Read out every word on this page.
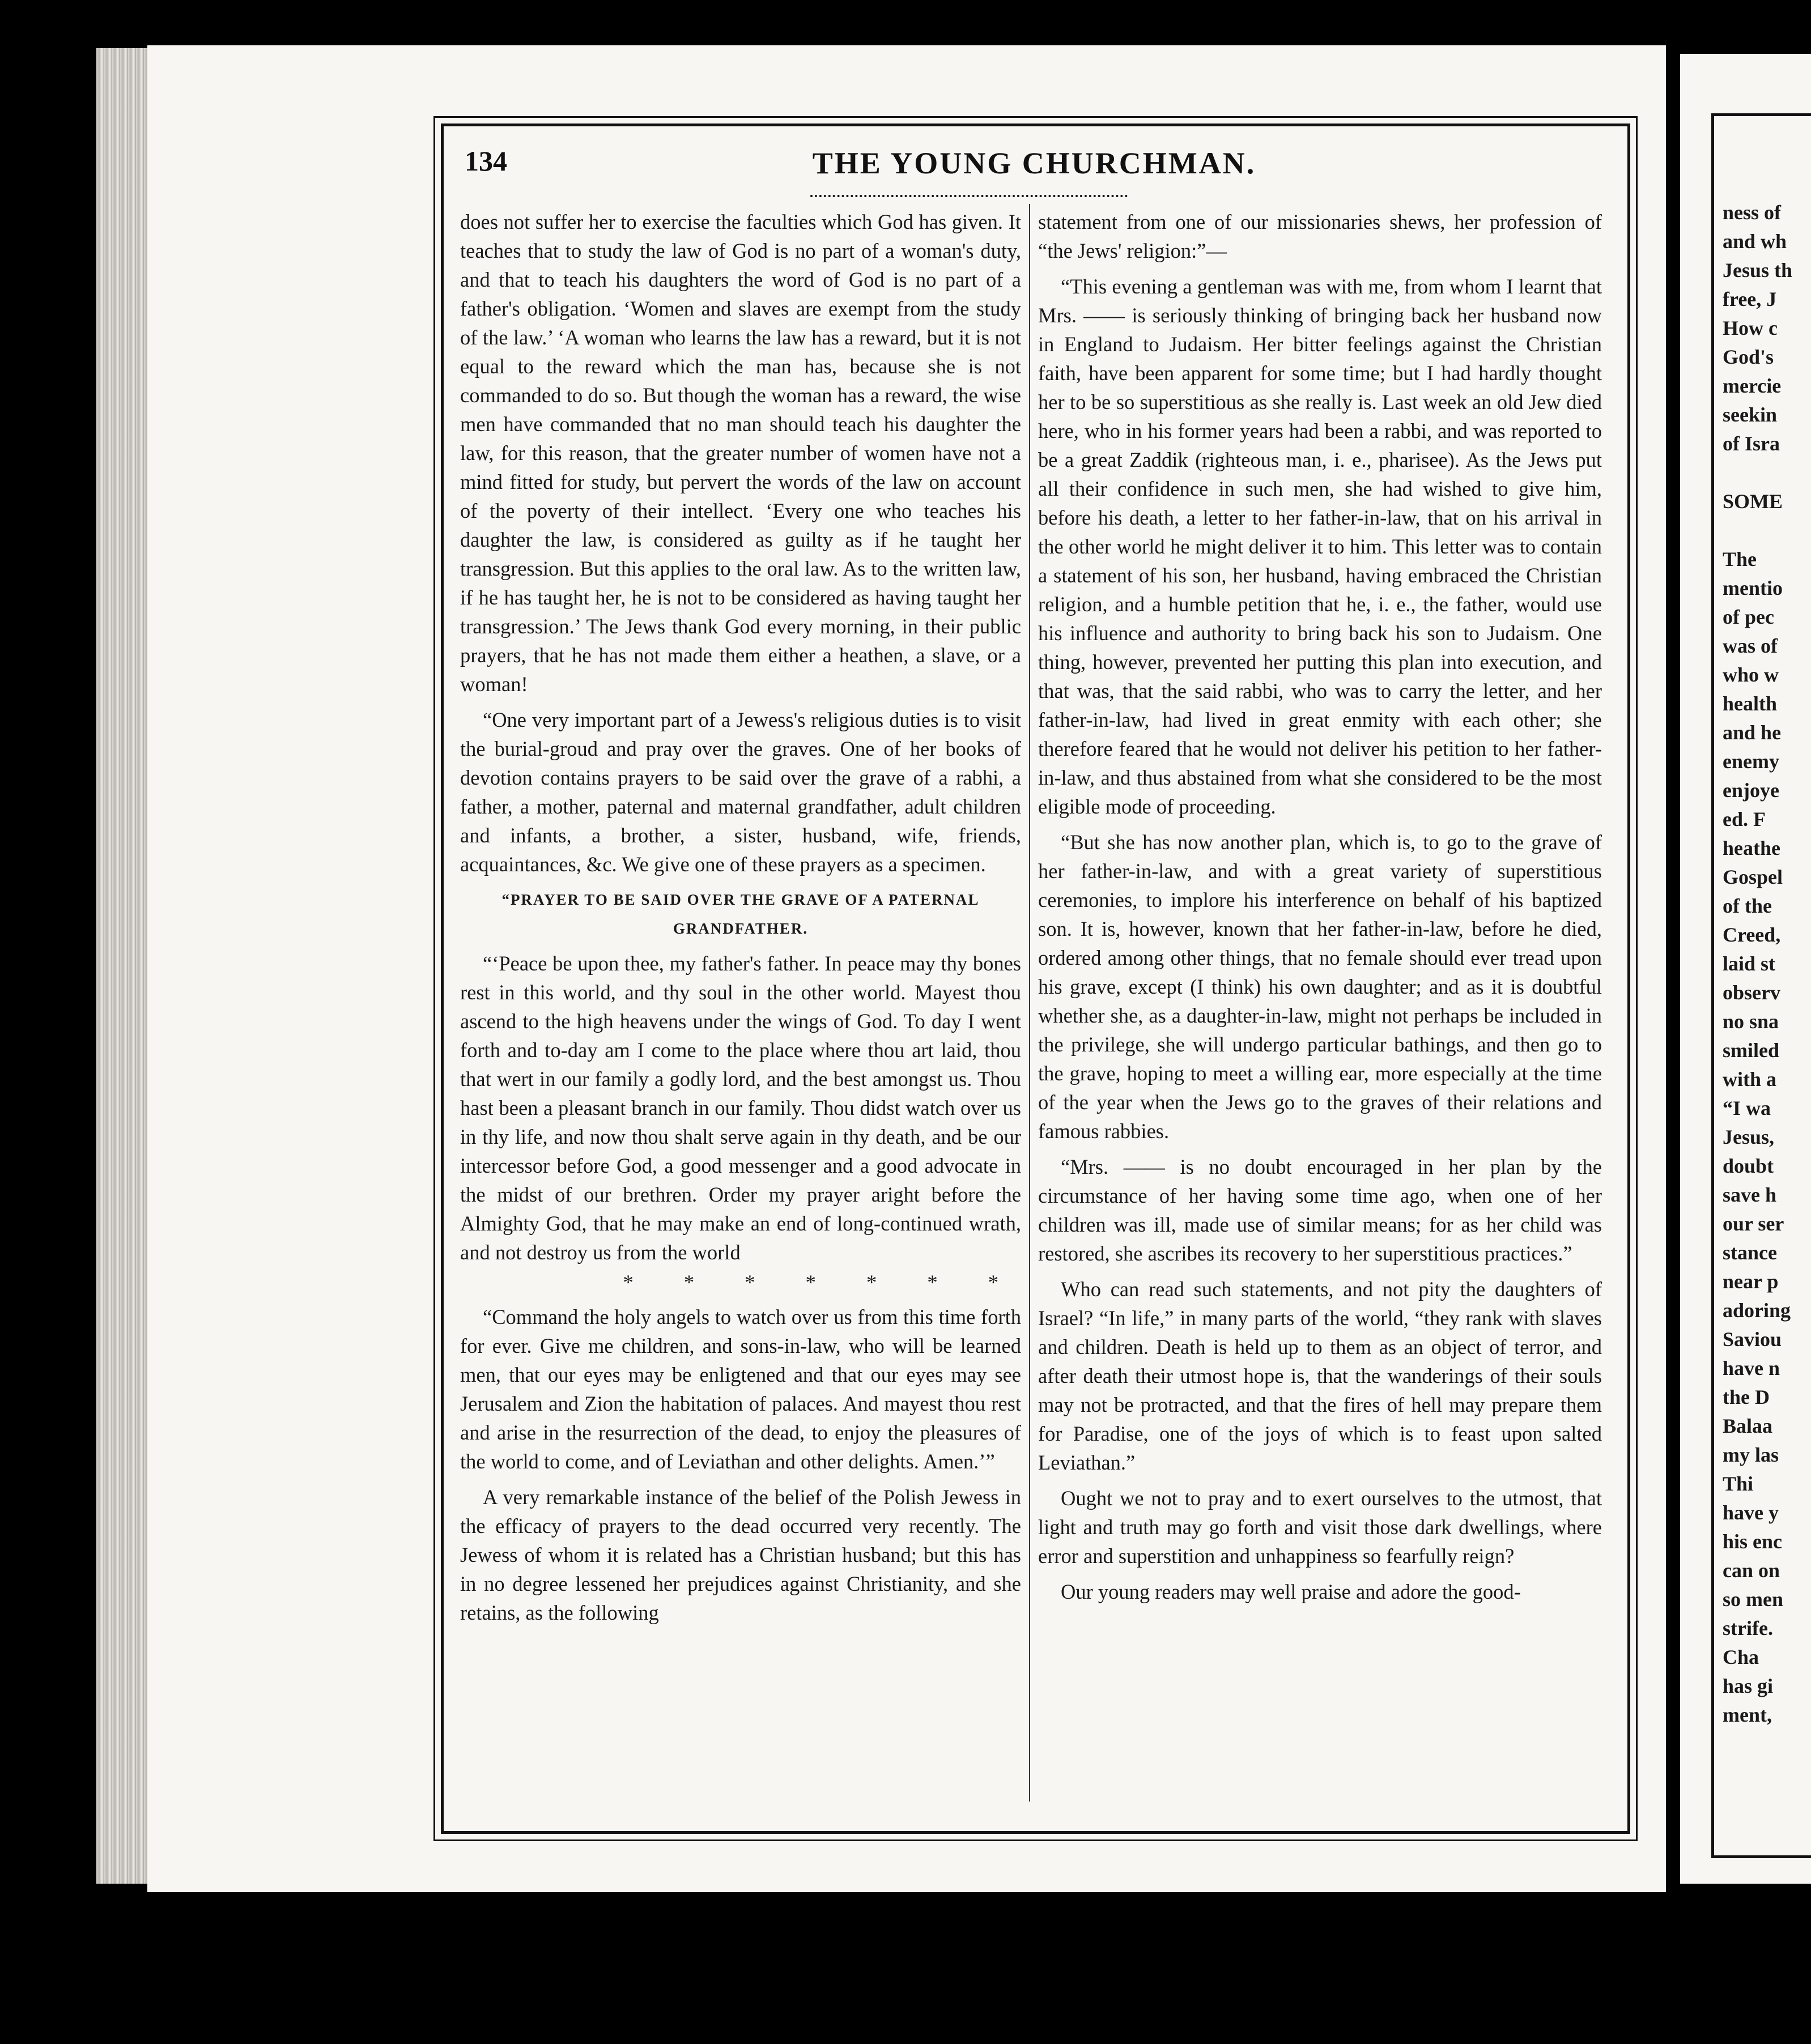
134	THE YOUNG CHURCHMAN.

does not suffer her to exercise the faculties which God has given. It teaches that to study the law of God is no part of a woman's duty, and that to teach his daughters the word of God is no part of a father's obligation. ‘Women and slaves are exempt from the study of the law.’ ‘A woman who learns the law has a reward, but it is not equal to the reward which the man has, because she is not commanded to do so. But though the woman has a reward, the wise men have commanded that no man should teach his daughter the law, for this reason, that the greater number of women have not a mind fitted for study, but pervert the words of the law on account of the poverty of their intellect. ‘Every one who teaches his daughter the law, is considered as guilty as if he taught her transgression. But this applies to the oral law. As to the written law, if he has taught her, he is not to be considered as having taught her transgression.’ The Jews thank God every morning, in their public prayers, that he has not made them either a heathen, a slave, or a woman!

“One very important part of a Jewess's religious duties is to visit the burial-groud and pray over the graves. One of her books of devotion contains prayers to be said over the grave of a rabhi, a father, a mother, paternal and maternal grandfather, adult children and infants, a brother, a sister, husband, wife, friends, acquaintances, &c. We give one of these prayers as a specimen.

“PRAYER TO BE SAID OVER THE GRAVE OF A PATERNAL GRANDFATHER.

“‘Peace be upon thee, my father's father. In peace may thy bones rest in this world, and thy soul in the other world. Mayest thou ascend to the high heavens under the wings of God. To day I went forth and to-day am I come to the place where thou art laid, thou that wert in our family a godly lord, and the best amongst us. Thou hast been a pleasant branch in our family. Thou didst watch over us in thy life, and now thou shalt serve again in thy death, and be our intercessor before God, a good messenger and a good advocate in the midst of our brethren. Order my prayer aright before the Almighty God, that he may make an end of long-continued wrath, and not destroy us from the world

* * * * * * *

“Command the holy angels to watch over us from this time forth for ever. Give me children, and sons-in-law, who will be learned men, that our eyes may be enligtened and that our eyes may see Jerusalem and Zion the habitation of palaces. And mayest thou rest and arise in the resurrection of the dead, to enjoy the pleasures of the world to come, and of Leviathan and other delights. Amen.’”

A very remarkable instance of the belief of the Polish Jewess in the efficacy of prayers to the dead occurred very recently. The Jewess of whom it is related has a Christian husband; but this has in no degree lessened her prejudices against Christianity, and she retains, as the following

statement from one of our missionaries shews, her profession of “the Jews' religion:”—

“This evening a gentleman was with me, from whom I learnt that Mrs. —— is seriously thinking of bringing back her husband now in England to Judaism. Her bitter feelings against the Christian faith, have been apparent for some time; but I had hardly thought her to be so superstitious as she really is. Last week an old Jew died here, who in his former years had been a rabbi, and was reported to be a great Zaddik (righteous man, i. e., pharisee). As the Jews put all their confidence in such men, she had wished to give him, before his death, a letter to her father-in-law, that on his arrival in the other world he might deliver it to him. This letter was to contain a statement of his son, her husband, having embraced the Christian religion, and a humble petition that he, i. e., the father, would use his influence and authority to bring back his son to Judaism. One thing, however, prevented her putting this plan into execution, and that was, that the said rabbi, who was to carry the letter, and her father-in-law, had lived in great enmity with each other; she therefore feared that he would not deliver his petition to her father-in-law, and thus abstained from what she considered to be the most eligible mode of proceeding.

“But she has now another plan, which is, to go to the grave of her father-in-law, and with a great variety of superstitious ceremonies, to implore his interference on behalf of his baptized son. It is, however, known that her father-in-law, before he died, ordered among other things, that no female should ever tread upon his grave, except (I think) his own daughter; and as it is doubtful whether she, as a daughter-in-law, might not perhaps be included in the privilege, she will undergo particular bathings, and then go to the grave, hoping to meet a willing ear, more especially at the time of the year when the Jews go to the graves of their relations and famous rabbies.

“Mrs. —— is no doubt encouraged in her plan by the circumstance of her having some time ago, when one of her children was ill, made use of similar means; for as her child was restored, she ascribes its recovery to her superstitious practices.”

Who can read such statements, and not pity the daughters of Israel? “In life,” in many parts of the world, “they rank with slaves and children. Death is held up to them as an object of terror, and after death their utmost hope is, that the wanderings of their souls may not be protracted, and that the fires of hell may prepare them for Paradise, one of the joys of which is to feast upon salted Leviathan.”

Ought we not to pray and to exert ourselves to the utmost, that light and truth may go forth and visit those dark dwellings, where error and superstition and unhappiness so fearfully reign?

Our young readers may well praise and adore the good-

ness of
and wh
Jesus th
free, J
How c
God's
mercie
seekin
of Isra
SOME
The
mentio
of pec
was of
who w
health
and he
enemy
enjoye
ed. F
heathe
Gospel
of the
Creed,
laid st
observ
no sna
smiled
with a
“I wa
Jesus,
doubt
save h
our ser
stance
near p
adoring
Saviou
have n
the D
Balaa
my las
Thi
have y
his enc
can on
so men
strife.
Cha
has gi
ment,
